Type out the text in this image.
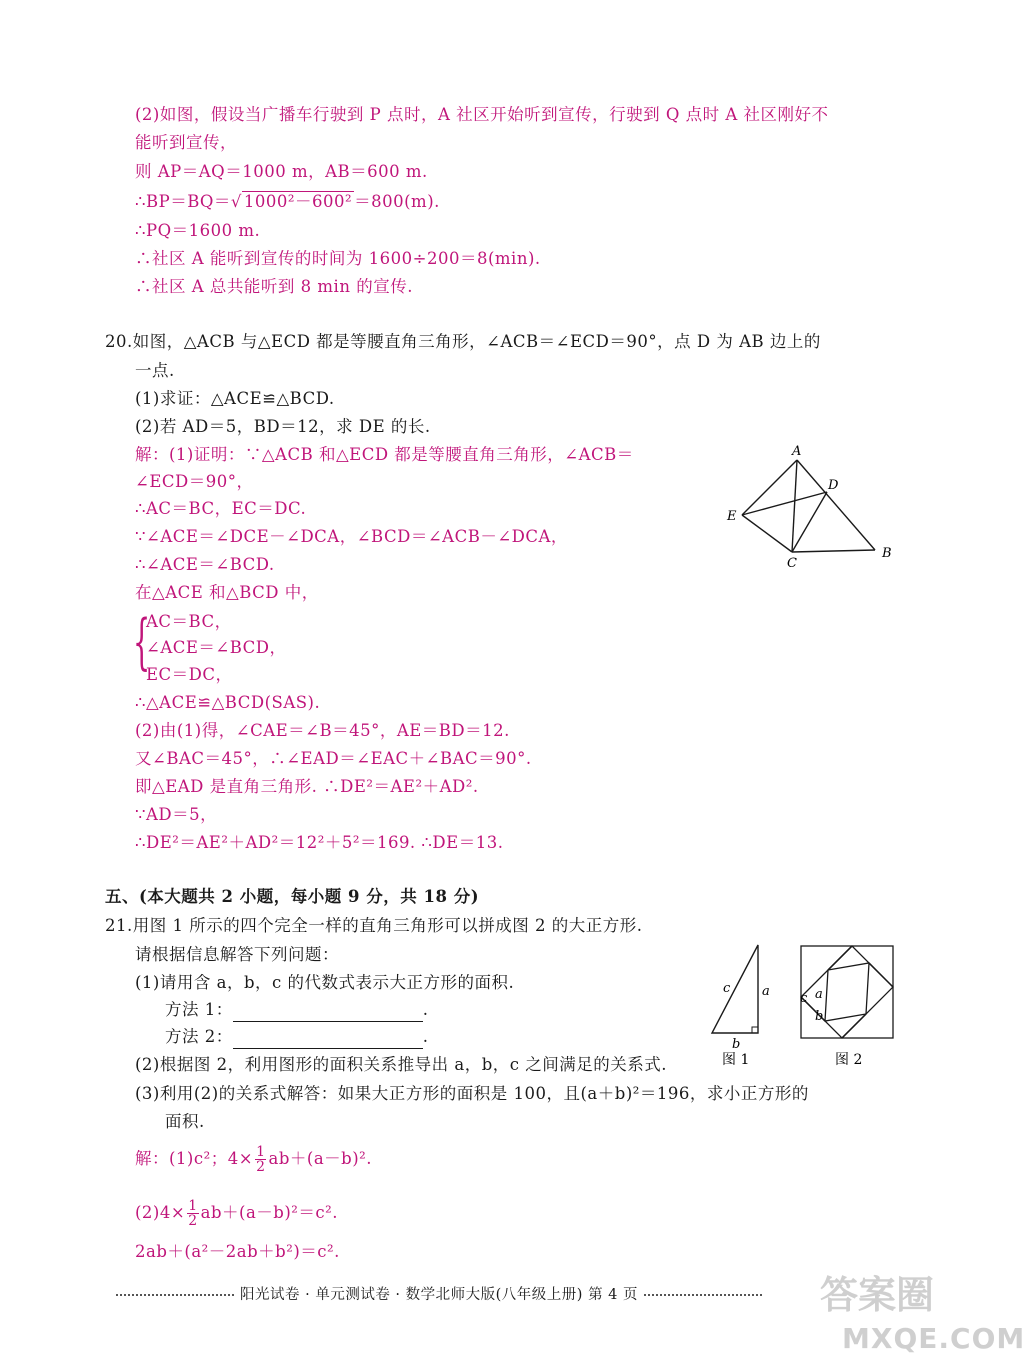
(2)如图，假设当广播车行驶到 P 点时，A 社区开始听到宣传，行驶到 Q 点时 A 社区刚好不
能听到宣传，
则 AP＝AQ＝1000 m，AB＝600 m.
∴BP＝BQ＝√ 1000²－600² ＝800(m).
∴PQ＝1600 m.
∴社区 A 能听到宣传的时间为 1600÷200＝8(min).
∴社区 A 总共能听到 8 min 的宣传.
20.如图，△ACB 与△ECD 都是等腰直角三角形，∠ACB＝∠ECD＝90°，点 D 为 AB 边上的
一点.
(1)求证：△ACE≌△BCD.
(2)若 AD＝5，BD＝12，求 DE 的长.
解：(1)证明：∵△ACB 和△ECD 都是等腰直角三角形，∠ACB＝
∠ECD＝90°，
∴AC＝BC，EC＝DC.
∵∠ACE＝∠DCE－∠DCA，∠BCD＝∠ACB－∠DCA，
∴∠ACE＝∠BCD.
在△ACE 和△BCD 中，
{
AC＝BC，
∠ACE＝∠BCD，
EC＝DC，
∴△ACE≌△BCD(SAS).
(2)由(1)得，∠CAE＝∠B＝45°，AE＝BD＝12.
又∠BAC＝45°，∴∠EAD＝∠EAC＋∠BAC＝90°.
即△EAD 是直角三角形. ∴DE²＝AE²＋AD².
∵AD＝5，
∴DE²＝AE²＋AD²＝12²＋5²＝169. ∴DE＝13.
A
B
C
D
E
五、(本大题共 2 小题，每小题 9 分，共 18 分)
21.用图 1 所示的四个完全一样的直角三角形可以拼成图 2 的大正方形.
请根据信息解答下列问题：
(1)请用含 a，b，c 的代数式表示大正方形的面积.
方法 1：	.
方法 2：	.
(2)根据图 2，利用图形的面积关系推导出 a，b，c 之间满足的关系式.
(3)利用(2)的关系式解答：如果大正方形的面积是 100，且(a＋b)²＝196，求小正方形的
面积.
解：(1)c²；$4\times \frac{1}{2} ab+(a-b)^2$.
$(2)4\times \frac{1}{2} ab+(a-b)^2=c^2$.
2ab＋(a²－2ab＋b²)＝c².
a
c
b
图 1
a
c
b
图 2
阳光试卷 · 单元测试卷 · 数学北师大版(八年级上册) 第 4 页	答案圈
MXQE.COM
